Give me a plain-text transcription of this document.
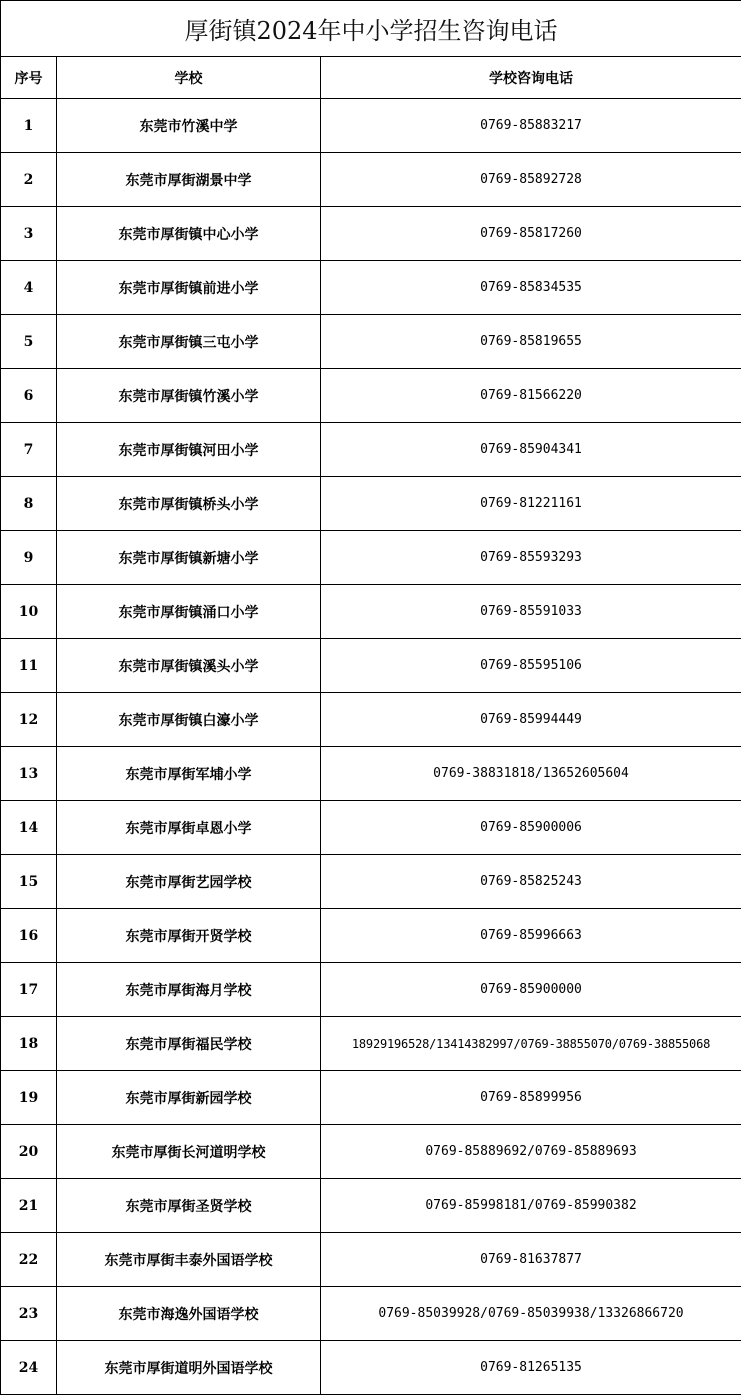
厚街镇2024年中小学招生咨询电话		
序号	学校	学校咨询电话
1	东莞市竹溪中学	0769-85883217
2	东莞市厚街湖景中学	0769-85892728
3	东莞市厚街镇中心小学	0769-85817260
4	东莞市厚街镇前进小学	0769-85834535
5	东莞市厚街镇三屯小学	0769-85819655
6	东莞市厚街镇竹溪小学	0769-81566220
7	东莞市厚街镇河田小学	0769-85904341
8	东莞市厚街镇桥头小学	0769-81221161
9	东莞市厚街镇新塘小学	0769-85593293
10	东莞市厚街镇涌口小学	0769-85591033
11	东莞市厚街镇溪头小学	0769-85595106
12	东莞市厚街镇白濠小学	0769-85994449
13	东莞市厚街军埔小学	0769-38831818/13652605604
14	东莞市厚街卓恩小学	0769-85900006
15	东莞市厚街艺园学校	0769-85825243
16	东莞市厚街开贤学校	0769-85996663
17	东莞市厚街海月学校	0769-85900000
18	东莞市厚街福民学校	18929196528/13414382997/0769-38855070/0769-38855068
19	东莞市厚街新园学校	0769-85899956
20	东莞市厚街长河道明学校	0769-85889692/0769-85889693
21	东莞市厚街圣贤学校	0769-85998181/0769-85990382
22	东莞市厚街丰泰外国语学校	0769-81637877
23	东莞市海逸外国语学校	0769-85039928/0769-85039938/13326866720
24	东莞市厚街道明外国语学校	0769-81265135
